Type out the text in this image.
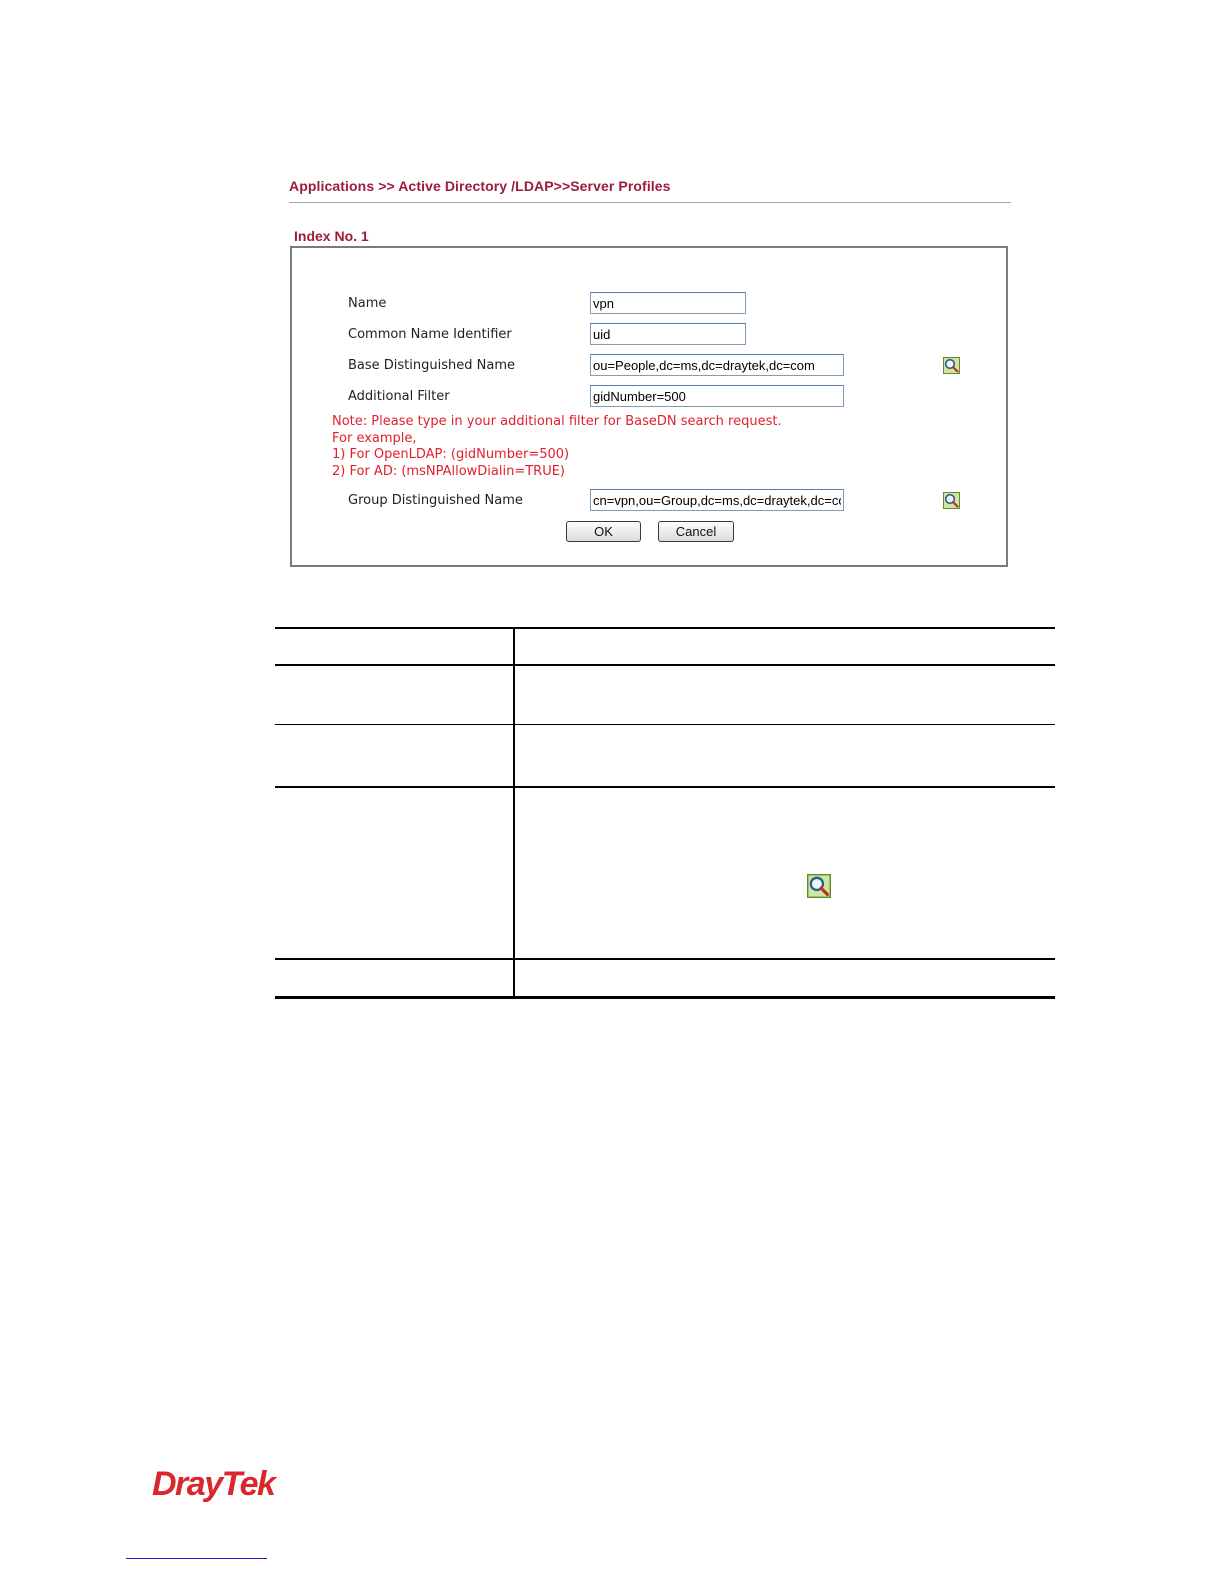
Applications >> Active Directory /LDAP>>Server Profiles
Index No. 1
Name
vpn
Common Name Identifier
uid
Base Distinguished Name
ou=People,dc=ms,dc=draytek,dc=com
Additional Filter
gidNumber=500
Note: Please type in your additional filter for BaseDN search request.
For example,
1) For OpenLDAP: (gidNumber=500)
2) For AD: (msNPAllowDialin=TRUE)
Group Distinguished Name
cn=vpn,ou=Group,dc=ms,dc=draytek,dc=com
OK	Cancel
DrayTek
